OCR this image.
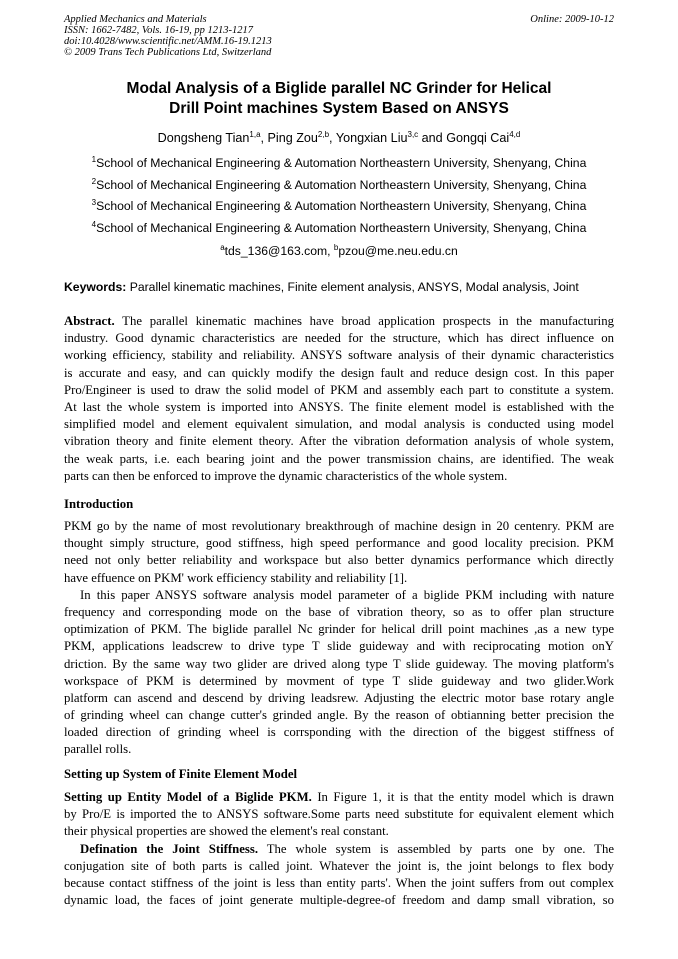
Applied Mechanics and Materials
ISSN: 1662-7482, Vols. 16-19, pp 1213-1217
doi:10.4028/www.scientific.net/AMM.16-19.1213
© 2009 Trans Tech Publications Ltd, Switzerland
Online: 2009-10-12
Modal Analysis of a Biglide parallel NC Grinder for Helical
Drill Point machines System Based on ANSYS
Dongsheng Tian$^{1,a}$, Ping Zou$^{2,b}$, Yongxian Liu$^{3,c}$ and Gongqi Cai$^{4,d}$
$^1$School of Mechanical Engineering & Automation Northeastern University, Shenyang, China
$^2$School of Mechanical Engineering & Automation Northeastern University, Shenyang, China
$^3$School of Mechanical Engineering & Automation Northeastern University, Shenyang, China
$^4$School of Mechanical Engineering & Automation Northeastern University, Shenyang, China
$^a$tds_136@163.com, $^b$pzou@me.neu.edu.cn
Keywords: Parallel kinematic machines, Finite element analysis, ANSYS, Modal analysis, Joint
Abstract. The parallel kinematic machines have broad application prospects in the manufacturing
industry. Good dynamic characteristics are needed for the structure, which has direct influence on
working efficiency, stability and reliability. ANSYS software analysis of their dynamic characteristics
is accurate and easy, and can quickly modify the design fault and reduce design cost. In this paper
Pro/Engineer is used to draw the solid model of PKM and assembly each part to constitute a system.
At last the whole system is imported into ANSYS. The finite element model is established with the
simplified model and element equivalent simulation, and modal analysis is conducted using model
vibration theory and finite element theory. After the vibration deformation analysis of whole system,
the weak parts, i.e. each bearing joint and the power transmission chains, are identified. The weak
parts can then be enforced to improve the dynamic characteristics of the whole system.
Introduction
PKM go by the name of most revolutionary breakthrough of machine design in 20 centenry. PKM are
thought simply structure, good stiffness, high speed performance and good locality precision. PKM
need not only better reliability and workspace but also better dynamics performance which directly
have effuence on PKM' work efficiency stability and reliability [1].
In this paper ANSYS software analysis model parameter of a biglide PKM including with nature
frequency and corresponding mode on the base of vibration theory, so as to offer plan structure
optimization of PKM. The biglide parallel Nc grinder for helical drill point machines ,as a new type
PKM, applications leadscrew to drive type T slide guideway and with reciprocating motion onY
driction. By the same way two glider are drived along type T slide guideway. The moving platform's
workspace of PKM is determined by movment of type T slide guideway and two glider.Work
platform can ascend and descend by driving leadsrew. Adjusting the electric motor base rotary angle
of grinding wheel can change cutter's grinded angle. By the reason of obtianning better precision the
loaded direction of grinding wheel is corrsponding with the direction of the biggest stiffness of
parallel rolls.
Setting up System of Finite Element Model
Setting up Entity Model of a Biglide PKM. In Figure 1, it is that the entity model which is drawn
by Pro/E is imported the to ANSYS software.Some parts need substitute for equivalent element which
their physical properties are showed the element's real constant.
Defination the Joint Stiffness. The whole system is assembled by parts one by one. The
conjugation site of both parts is called joint. Whatever the joint is, the joint belongs to flex body
because contact stiffness of the joint is less than entity parts'. When the joint suffers from out complex
dynamic load, the faces of joint generate multiple-degree-of freedom and damp small vibration, so
